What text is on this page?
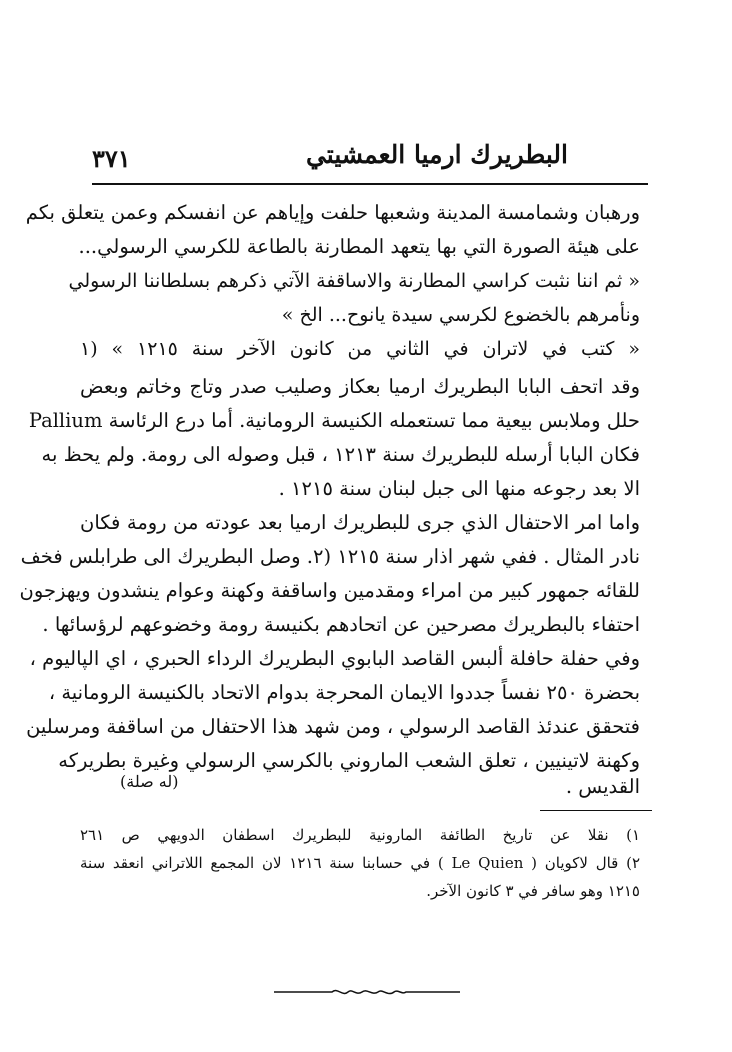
٣٧١	البطريرك ارميا العمشيتي
ورهبان وشمامسة المدينة وشعبها حلفت وإياهم عن انفسكم وعمن يتعلق بكم
على هيئة الصورة التي بها يتعهد المطارنة بالطاعة للكرسي الرسولي...
« ثم اننا نثبت كراسي المطارنة والاساقفة الآتي ذكرهم بسلطاننا الرسولي
ونأمرهم بالخضوع لكرسي سيدة يانوح... الخ »
« كتب في لاتران في الثاني من كانون الآخر سنة ١٢١٥ » (١
وقد اتحف البابا البطريرك ارميا بعكاز وصليب صدر وتاج وخاتم وبعض
حلل وملابس بيعية مما تستعمله الكنيسة الرومانية. أما درع الرئاسة Pallium
فكان البابا أرسله للبطريرك سنة ١٢١٣ ، قبل وصوله الى رومة. ولم يحظ به
الا بعد رجوعه منها الى جبل لبنان سنة ١٢١٥ .
واما امر الاحتفال الذي جرى للبطريرك ارميا بعد عودته من رومة فكان
نادر المثال . ففي شهر اذار سنة ١٢١٥ (٢. وصل البطريرك الى طرابلس فخف
للقائه جمهور كبير من امراء ومقدمين واساقفة وكهنة وعوام ينشدون ويهزجون
احتفاء بالبطريرك مصرحين عن اتحادهم بكنيسة رومة وخضوعهم لرؤسائها .
وفي حفلة حافلة ألبس القاصد البابوي البطريرك الرداء الحبري ، اي الپاليوم ،
بحضرة ٢٥٠ نفساً جددوا الايمان المحرجة بدوام الاتحاد بالكنيسة الرومانية ،
فتحقق عندئذ القاصد الرسولي ، ومن شهد هذا الاحتفال من اساقفة ومرسلين
وكهنة لاتينيين ، تعلق الشعب الماروني بالكرسي الرسولي وغيرة بطريركه
القديس .
(له صلة)
١) نقلا عن تاريخ الطائفة المارونية للبطريرك اسطفان الدويهي ص ٢٦١
٢) قال لاكويان ( Le Quien ) في حسابنا سنة ١٢١٦ لان المجمع اللاتراني انعقد سنة
١٢١٥ وهو سافر في ٣ كانون الآخر.
